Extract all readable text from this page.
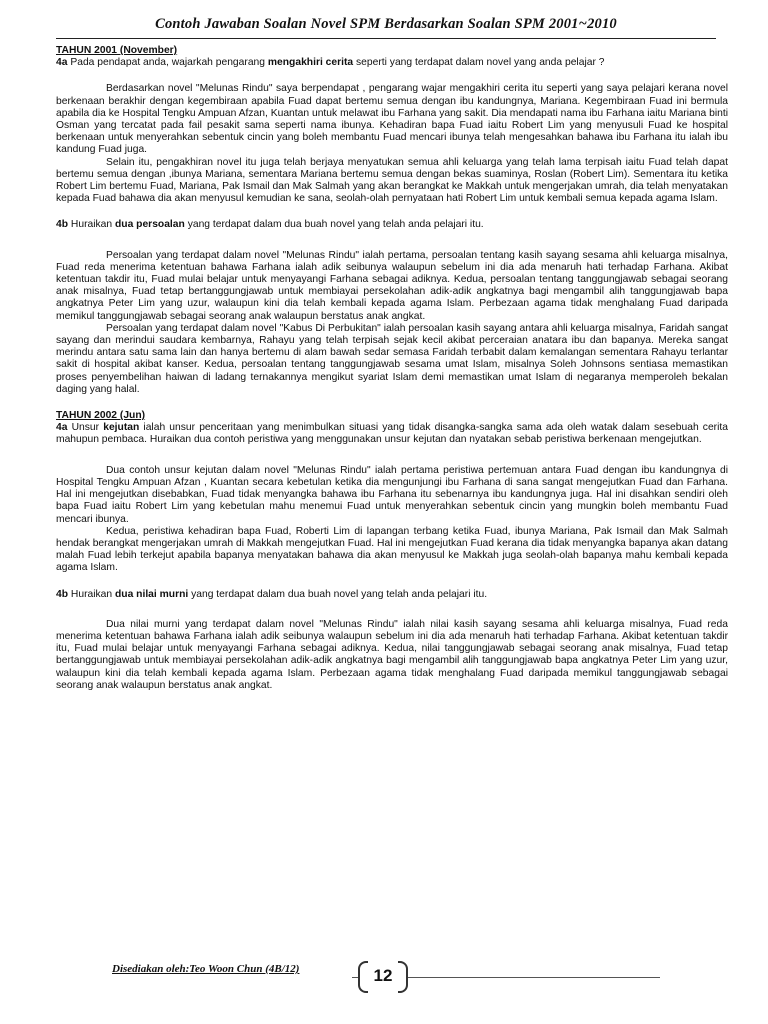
Contoh Jawaban Soalan Novel SPM Berdasarkan Soalan SPM 2001~2010
TAHUN 2001 (November)
4a Pada pendapat anda, wajarkah pengarang mengakhiri cerita seperti yang terdapat dalam novel yang anda pelajar ?

Berdasarkan novel "Melunas Rindu" saya berpendapat , pengarang wajar mengakhiri cerita itu seperti yang saya pelajari kerana novel berkenaan berakhir dengan kegembiraan apabila Fuad dapat bertemu semua dengan ibu kandungnya, Mariana. Kegembiraan Fuad ini bermula apabila dia ke Hospital Tengku Ampuan Afzan, Kuantan untuk melawat ibu Farhana yang sakit. Dia mendapati nama ibu Farhana iaitu Mariana binti Osman yang tercatat pada fail pesakit sama seperti nama ibunya. Kehadiran bapa Fuad iaitu Robert Lim yang menyusuli Fuad ke hospital berkenaan untuk menyerahkan sebentuk cincin yang boleh membantu Fuad mencari ibunya telah mengesahkan bahawa ibu Farhana itu ialah ibu kandung Fuad juga.

Selain itu, pengakhiran novel itu juga telah berjaya menyatukan semua ahli keluarga yang telah lama terpisah iaitu Fuad telah dapat bertemu semua dengan ,ibunya Mariana, sementara Mariana bertemu semua dengan bekas suaminya, Roslan (Robert Lim). Sementara itu ketika Robert Lim bertemu Fuad, Mariana, Pak Ismail dan Mak Salmah yang akan berangkat ke Makkah untuk mengerjakan umrah, dia telah menyatakan kepada Fuad bahawa dia akan menyusul kemudian ke sana, seolah-olah pernyataan hati Robert Lim untuk kembali semua kepada agama Islam.

4b Huraikan dua persoalan yang terdapat dalam dua buah novel yang telah anda pelajari itu.

Persoalan yang terdapat dalam novel "Melunas Rindu" ialah pertama, persoalan tentang kasih sayang sesama ahli keluarga misalnya, Fuad reda menerima ketentuan bahawa Farhana ialah adik seibunya walaupun sebelum ini dia ada menaruh hati terhadap Farhana. Akibat ketentuan takdir itu, Fuad mulai belajar untuk menyayangi Farhana sebagai adiknya. Kedua, persoalan tentang tanggungjawab sebagai seorang anak misalnya, Fuad tetap bertanggungjawab untuk membiayai persekolahan adik-adik angkatnya bagi mengambil alih tanggungjawab bapa angkatnya Peter Lim yang uzur, walaupun kini dia telah kembali kepada agama Islam. Perbezaan agama tidak menghalang Fuad daripada memikul tanggungjawab sebagai seorang anak walaupun berstatus anak angkat.

Persoalan yang terdapat dalam novel "Kabus Di Perbukitan" ialah persoalan kasih sayang antara ahli keluarga misalnya, Faridah sangat sayang dan merindui saudara kembarnya, Rahayu yang telah terpisah sejak kecil akibat perceraian anatara ibu dan bapanya. Mereka sangat merindu antara satu sama lain dan hanya bertemu di alam bawah sedar semasa Faridah terbabit dalam kemalangan sementara Rahayu terlantar sakit di hospital akibat kanser. Kedua, persoalan tentang tanggungjawab sesama umat Islam, misalnya Soleh Johnsons sentiasa memastikan proses penyembelihan haiwan di ladang ternakannya mengikut syariat Islam demi memastikan umat Islam di negaranya memperoleh bekalan daging yang halal.

TAHUN 2002 (Jun)
4a Unsur kejutan ialah unsur penceritaan yang menimbulkan situasi yang tidak disangka-sangka sama ada oleh watak dalam sesebuah cerita mahupun pembaca. Huraikan dua contoh peristiwa yang menggunakan unsur kejutan dan nyatakan sebab peristiwa berkenaan mengejutkan.

Dua contoh unsur kejutan dalam novel "Melunas Rindu" ialah pertama peristiwa pertemuan antara Fuad dengan ibu kandungnya di Hospital Tengku Ampuan Afzan , Kuantan secara kebetulan ketika dia mengunjungi ibu Farhana di sana sangat mengejutkan Fuad dan Farhana. Hal ini mengejutkan disebabkan, Fuad tidak menyangka bahawa ibu Farhana itu sebenarnya ibu kandungnya juga. Hal ini disahkan sendiri oleh bapa Fuad iaitu Robert Lim yang kebetulan mahu menemui Fuad untuk menyerahkan sebentuk cincin yang mungkin boleh membantu Fuad mencari ibunya.

Kedua, peristiwa kehadiran bapa Fuad, Roberti Lim di lapangan terbang ketika Fuad, ibunya Mariana, Pak Ismail dan Mak Salmah hendak berangkat mengerjakan umrah di Makkah mengejutkan Fuad. Hal ini mengejutkan Fuad kerana dia tidak menyangka bapanya akan datang malah Fuad lebih terkejut apabila bapanya menyatakan bahawa dia akan menyusul ke Makkah juga seolah-olah bapanya mahu kembali kepada agama Islam.

4b Huraikan dua nilai murni yang terdapat dalam dua buah novel yang telah anda pelajari itu.

Dua nilai murni yang terdapat dalam novel "Melunas Rindu" ialah nilai kasih sayang sesama ahli keluarga misalnya, Fuad reda menerima ketentuan bahawa Farhana ialah adik seibunya walaupun sebelum ini dia ada menaruh hati terhadap Farhana. Akibat ketentuan takdir itu, Fuad mulai belajar untuk menyayangi Farhana sebagai adiknya. Kedua, nilai tanggungjawab sebagai seorang anak misalnya, Fuad tetap bertanggungjawab untuk membiayai persekolahan adik-adik angkatnya bagi mengambil alih tanggungjawab bapa angkatnya Peter Lim yang uzur, walaupun kini dia telah kembali kepada agama Islam. Perbezaan agama tidak menghalang Fuad daripada memikul tanggungjawab sebagai seorang anak walaupun berstatus anak angkat.

Disediakan oleh:Teo Woon Chun (4B/12)	12
